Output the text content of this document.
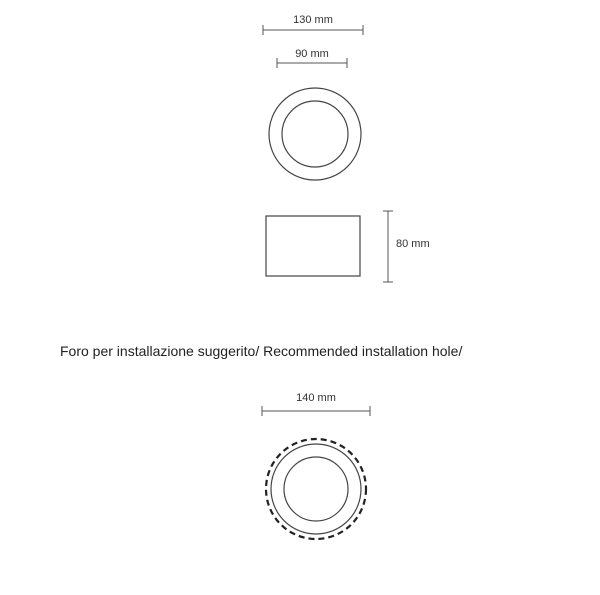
130 mm
90 mm
80 mm
Foro per installazione suggerito/ Recommended installation hole/
140 mm
